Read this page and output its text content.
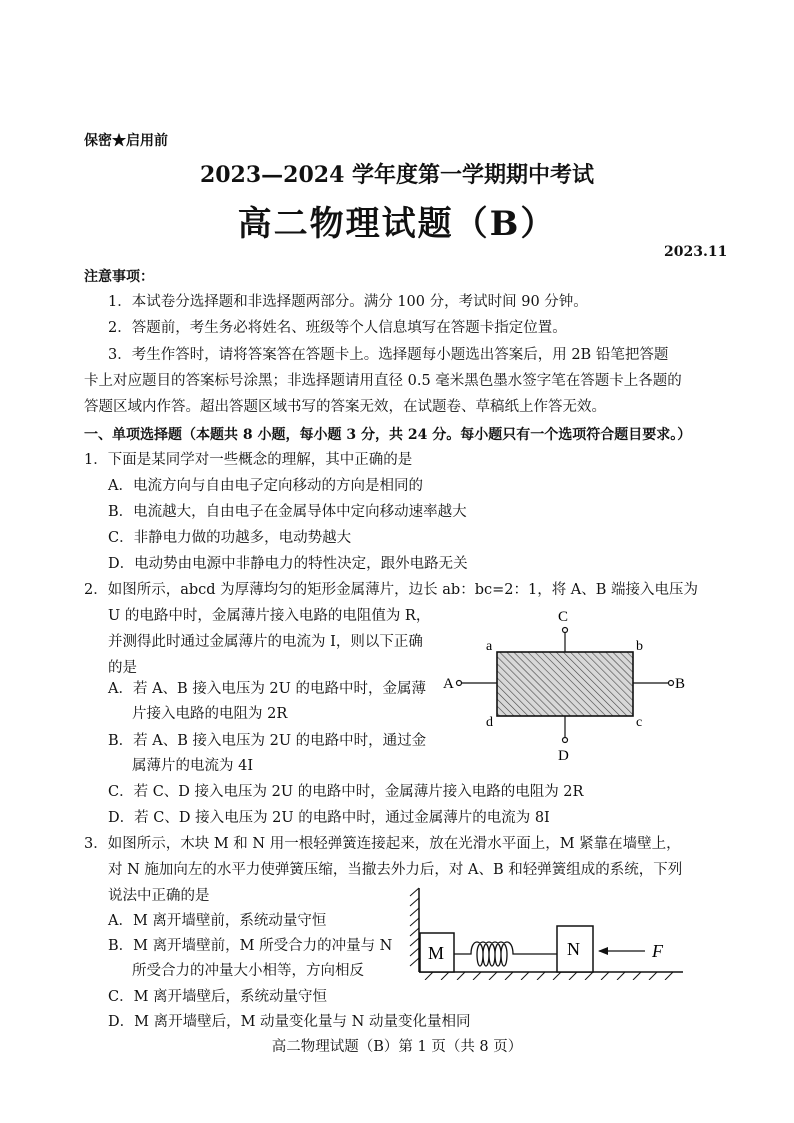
保密★启用前
2023—2024 学年度第一学期期中考试
高二物理试题（B）
2023.11
注意事项：
1．本试卷分选择题和非选择题两部分。满分 100 分，考试时间 90 分钟。
2．答题前，考生务必将姓名、班级等个人信息填写在答题卡指定位置。
3．考生作答时，请将答案答在答题卡上。选择题每小题选出答案后，用 2B 铅笔把答题
卡上对应题目的答案标号涂黑；非选择题请用直径 0.5 毫米黑色墨水签字笔在答题卡上各题的
答题区域内作答。超出答题区域书写的答案无效，在试题卷、草稿纸上作答无效。
一、单项选择题（本题共 8 小题，每小题 3 分，共 24 分。每小题只有一个选项符合题目要求。）
1．下面是某同学对一些概念的理解，其中正确的是
A．电流方向与自由电子定向移动的方向是相同的
B．电流越大，自由电子在金属导体中定向移动速率越大
C．非静电力做的功越多，电动势越大
D．电动势由电源中非静电力的特性决定，跟外电路无关
2．如图所示，abcd 为厚薄均匀的矩形金属薄片，边长 ab：bc=2：1，将 A、B 端接入电压为
U 的电路中时，金属薄片接入电路的电阻值为 R，
并测得此时通过金属薄片的电流为 I，则以下正确
的是
A．若 A、B 接入电压为 2U 的电路中时，金属薄
片接入电路的电阻为 2R
B．若 A、B 接入电压为 2U 的电路中时，通过金
属薄片的电流为 4I
C．若 C、D 接入电压为 2U 的电路中时，金属薄片接入电路的电阻为 2R
D．若 C、D 接入电压为 2U 的电路中时，通过金属薄片的电流为 8I
C
D
A	B
a	b
c
d
3．如图所示，木块 M 和 N 用一根轻弹簧连接起来，放在光滑水平面上，M 紧靠在墙壁上，
对 N 施加向左的水平力使弹簧压缩，当撤去外力后，对 A、B 和轻弹簧组成的系统，下列
说法中正确的是
A．M 离开墙壁前，系统动量守恒
B．M 离开墙壁前，M 所受合力的冲量与 N
所受合力的冲量大小相等，方向相反
C．M 离开墙壁后，系统动量守恒
D．M 离开墙壁后，M 动量变化量与 N 动量变化量相同
M	N	F
高二物理试题（B）第 1 页（共 8 页）
